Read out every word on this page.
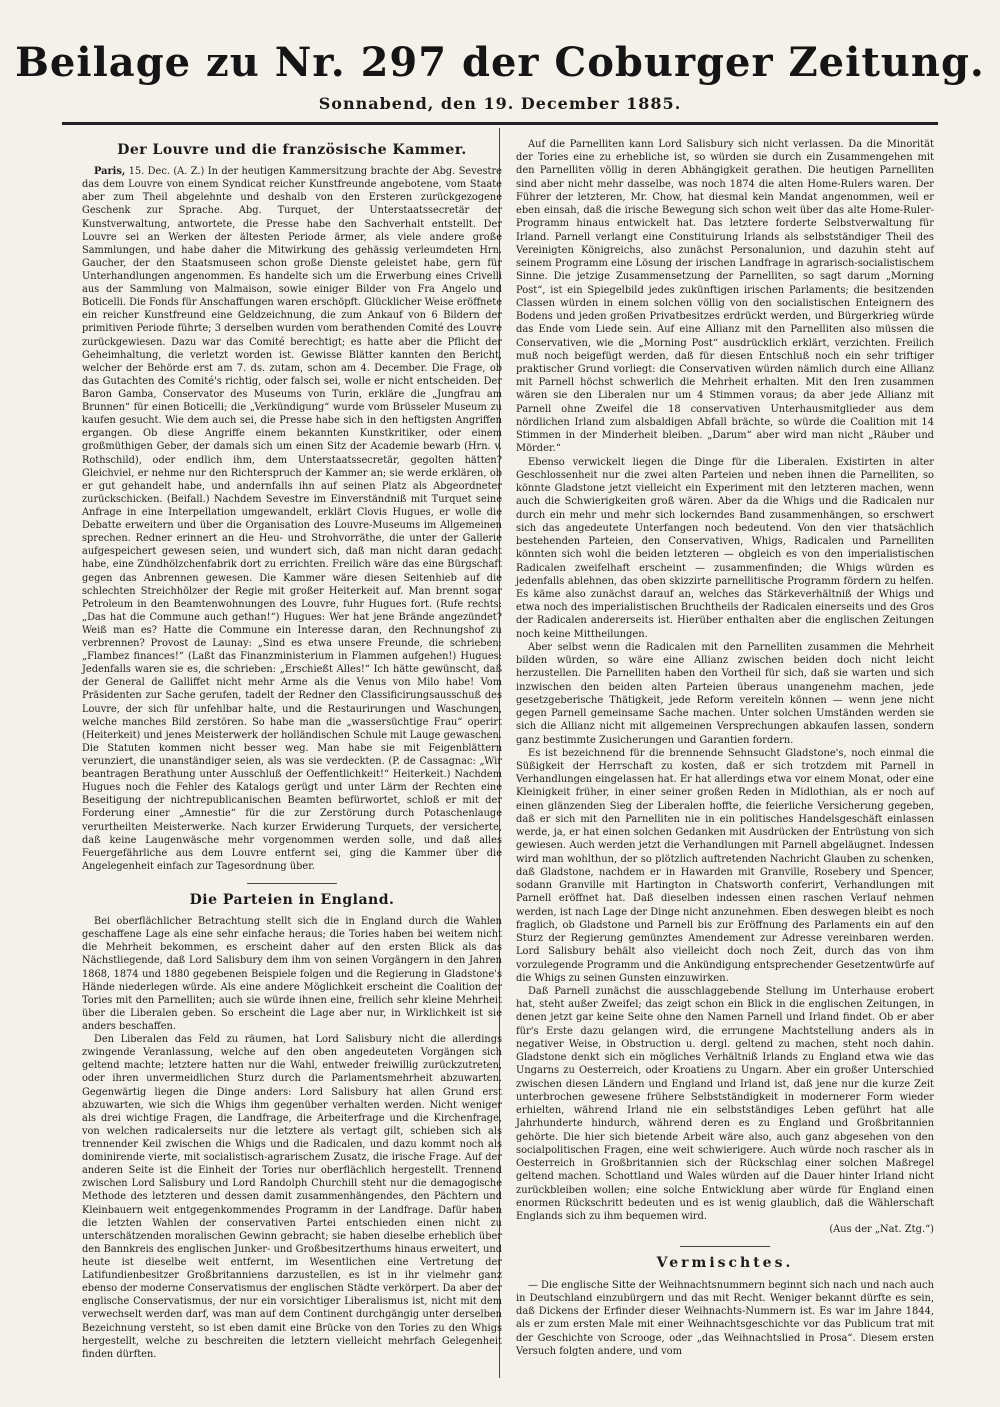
Beilage zu Nr. 297 der Coburger Zeitung.
Sonnabend, den 19. December 1885.
Der Louvre und die französische Kammer.

Paris, 15. Dec. (A. Z.) In der heutigen Kammersitzung brachte der Abg. Sevestre das dem Louvre von einem Syndicat reicher Kunstfreunde angebotene, vom Staate aber zum Theil abgelehnte und deshalb von den Ersteren zurückgezogene Geschenk zur Sprache. Abg. Turquet, der Unterstaatssecretär der Kunstverwaltung, antwortete, die Presse habe den Sachverhalt entstellt. Der Louvre sei an Werken der ältesten Periode ärmer, als viele andere große Sammlungen, und habe daher die Mitwirkung des gehässig verleumdeten Hrn. Gaucher, der den Staatsmuseen schon große Dienste geleistet habe, gern für Unterhandlungen angenommen. Es handelte sich um die Erwerbung eines Crivelli aus der Sammlung von Malmaison, sowie einiger Bilder von Fra Angelo und Boticelli. Die Fonds für Anschaffungen waren erschöpft. Glücklicher Weise eröffnete ein reicher Kunstfreund eine Geldzeichnung, die zum Ankauf von 6 Bildern der primitiven Periode führte; 3 derselben wurden vom berathenden Comité des Louvre zurückgewiesen. Dazu war das Comité berechtigt; es hatte aber die Pflicht der Geheimhaltung, die verletzt worden ist. Gewisse Blätter kannten den Bericht, welcher der Behörde erst am 7. ds. zutam, schon am 4. December. Die Frage, ob das Gutachten des Comité's richtig, oder falsch sei, wolle er nicht entscheiden. Der Baron Gamba, Conservator des Museums von Turin, erkläre die „Jungfrau am Brunnen“ für einen Boticelli; die „Verkündigung“ wurde vom Brüsseler Museum zu kaufen gesucht. Wie dem auch sei, die Presse habe sich in den heftigsten Angriffen ergangen. Ob diese Angriffe einem bekannten Kunstkritiker, oder einem großmüthigen Geber, der damals sich um einen Sitz der Academie bewarb (Hrn. v. Rothschild), oder endlich ihm, dem Unterstaatssecretär, gegolten hätten? Gleichviel, er nehme nur den Richterspruch der Kammer an; sie werde erklären, ob er gut gehandelt habe, und andernfalls ihn auf seinen Platz als Abgeordneter zurückschicken. (Beifall.) Nachdem Sevestre im Einverständniß mit Turquet seine Anfrage in eine Interpellation umgewandelt, erklärt Clovis Hugues, er wolle die Debatte erweitern und über die Organisation des Louvre-Museums im Allgemeinen sprechen. Redner erinnert an die Heu- und Strohvorräthe, die unter der Gallerie aufgespeichert gewesen seien, und wundert sich, daß man nicht daran gedacht habe, eine Zündhölzchenfabrik dort zu errichten. Freilich wäre das eine Bürgschaft gegen das Anbrennen gewesen. Die Kammer wäre diesen Seitenhieb auf die schlechten Streichhölzer der Regie mit großer Heiterkeit auf. Man brennt sogar Petroleum in den Beamtenwohnungen des Louvre, fuhr Hugues fort. (Rufe rechts: „Das hat die Commune auch gethan!“) Hugues: Wer hat jene Brände angezündet? Weiß man es? Hatte die Commune ein Interesse daran, den Rechnungshof zu verbrennen? Provost de Launay: „Sind es etwa unsere Freunde, die schrieben: „Flambez finances!“ (Laßt das Finanzministerium in Flammen aufgehen!) Hugues: Jedenfalls waren sie es, die schrieben: „Erschießt Alles!“ Ich hätte gewünscht, daß der General de Galliffet nicht mehr Arme als die Venus von Milo habe! Vom Präsidenten zur Sache gerufen, tadelt der Redner den Classificirungsausschuß des Louvre, der sich für unfehlbar halte, und die Restaurirungen und Waschungen, welche manches Bild zerstören. So habe man die „wassersüchtige Frau“ operirt (Heiterkeit) und jenes Meisterwerk der holländischen Schule mit Lauge gewaschen. Die Statuten kommen nicht besser weg. Man habe sie mit Feigenblättern verunziert, die unanständiger seien, als was sie verdeckten. (P. de Cassagnac: „Wir beantragen Berathung unter Ausschluß der Oeffentlichkeit!“ Heiterkeit.) Nachdem Hugues noch die Fehler des Katalogs gerügt und unter Lärm der Rechten eine Beseitigung der nichtrepublicanischen Beamten befürwortet, schloß er mit der Forderung einer „Amnestie“ für die zur Zerstörung durch Potaschenlauge verurtheilten Meisterwerke. Nach kurzer Erwiderung Turquets, der versicherte, daß keine Laugenwäsche mehr vorgenommen werden solle, und daß alles Feuergefährliche aus dem Louvre entfernt sei, ging die Kammer über die Angelegenheit einfach zur Tagesordnung über.

Die Parteien in England.

Bei oberflächlicher Betrachtung stellt sich die in England durch die Wahlen geschaffene Lage als eine sehr einfache heraus; die Tories haben bei weitem nicht die Mehrheit bekommen, es erscheint daher auf den ersten Blick als das Nächstliegende, daß Lord Salisbury dem ihm von seinen Vorgängern in den Jahren 1868, 1874 und 1880 gegebenen Beispiele folgen und die Regierung in Gladstone's Hände niederlegen würde. Als eine andere Möglichkeit erscheint die Coalition der Tories mit den Parnelliten; auch sie würde ihnen eine, freilich sehr kleine Mehrheit über die Liberalen geben. So erscheint die Lage aber nur, in Wirklichkeit ist sie anders beschaffen.

Den Liberalen das Feld zu räumen, hat Lord Salisbury nicht die allerdings zwingende Veranlassung, welche auf den oben angedeuteten Vorgängen sich geltend machte; letztere hatten nur die Wahl, entweder freiwillig zurückzutreten, oder ihren unvermeidlichen Sturz durch die Parlamentsmehrheit abzuwarten. Gegenwärtig liegen die Dinge anders: Lord Salisbury hat allen Grund erst abzuwarten, wie sich die Whigs ihm gegenüber verhalten werden. Nicht weniger als drei wichtige Fragen, die Landfrage, die Arbeiterfrage und die Kirchenfrage, von welchen radicalerseits nur die letztere als vertagt gilt, schieben sich als trennender Keil zwischen die Whigs und die Radicalen, und dazu kommt noch als dominirende vierte, mit socialistisch-agrarischem Zusatz, die irische Frage. Auf der anderen Seite ist die Einheit der Tories nur oberflächlich hergestellt. Trennend zwischen Lord Salisbury und Lord Randolph Churchill steht nur die demagogische Methode des letzteren und dessen damit zusammenhängendes, den Pächtern und Kleinbauern weit entgegenkommendes Programm in der Landfrage. Dafür haben die letzten Wahlen der conservativen Partei entschieden einen nicht zu unterschätzenden moralischen Gewinn gebracht; sie haben dieselbe erheblich über den Bannkreis des englischen Junker- und Großbesitzerthums hinaus erweitert, und heute ist dieselbe weit entfernt, im Wesentlichen eine Vertretung der Latifundienbesitzer Großbritanniens darzustellen, es ist in ihr vielmehr ganz ebenso der moderne Conservatismus der englischen Städte verkörpert. Da aber der englische Conservatismus, der nur ein vorsichtiger Liberalismus ist, nicht mit dem verwechselt werden darf, was man auf dem Continent durchgängig unter derselben Bezeichnung versteht, so ist eben damit eine Brücke von den Tories zu den Whigs hergestellt, welche zu beschreiten die letztern vielleicht mehrfach Gelegenheit finden dürften.

Auf die Parnelliten kann Lord Salisbury sich nicht verlassen. Da die Minorität der Tories eine zu erhebliche ist, so würden sie durch ein Zusammengehen mit den Parnelliten völlig in deren Abhängigkeit gerathen. Die heutigen Parnelliten sind aber nicht mehr dasselbe, was noch 1874 die alten Home-Rulers waren. Der Führer der letzteren, Mr. Chow, hat diesmal kein Mandat angenommen, weil er eben einsah, daß die irische Bewegung sich schon weit über das alte Home-Ruler-Programm hinaus entwickelt hat. Das letztere forderte Selbstverwaltung für Irland. Parnell verlangt eine Constituirung Irlands als selbstständiger Theil des Vereinigten Königreichs, also zunächst Personalunion, und dazuhin steht auf seinem Programm eine Lösung der irischen Landfrage in agrarisch-socialistischem Sinne. Die jetzige Zusammensetzung der Parnelliten, so sagt darum „Morning Post“, ist ein Spiegelbild jedes zukünftigen irischen Parlaments; die besitzenden Classen würden in einem solchen völlig von den socialistischen Enteignern des Bodens und jeden großen Privatbesitzes erdrückt werden, und Bürgerkrieg würde das Ende vom Liede sein. Auf eine Allianz mit den Parnelliten also müssen die Conservativen, wie die „Morning Post“ ausdrücklich erklärt, verzichten. Freilich muß noch beigefügt werden, daß für diesen Entschluß noch ein sehr triftiger praktischer Grund vorliegt: die Conservativen würden nämlich durch eine Allianz mit Parnell höchst schwerlich die Mehrheit erhalten. Mit den Iren zusammen wären sie den Liberalen nur um 4 Stimmen voraus; da aber jede Allianz mit Parnell ohne Zweifel die 18 conservativen Unterhausmitglieder aus dem nördlichen Irland zum alsbaldigen Abfall brächte, so würde die Coalition mit 14 Stimmen in der Minderheit bleiben. „Darum“ aber wird man nicht „Räuber und Mörder.“

Ebenso verwickelt liegen die Dinge für die Liberalen. Existirten in alter Geschlossenheit nur die zwei alten Parteien und neben ihnen die Parnelliten, so könnte Gladstone jetzt vielleicht ein Experiment mit den letzteren machen, wenn auch die Schwierigkeiten groß wären. Aber da die Whigs und die Radicalen nur durch ein mehr und mehr sich lockerndes Band zusammenhängen, so erschwert sich das angedeutete Unterfangen noch bedeutend. Von den vier thatsächlich bestehenden Parteien, den Conservativen, Whigs, Radicalen und Parnelliten könnten sich wohl die beiden letzteren — obgleich es von den imperialistischen Radicalen zweifelhaft erscheint — zusammenfinden; die Whigs würden es jedenfalls ablehnen, das oben skizzirte parnellitische Programm fördern zu helfen. Es käme also zunächst darauf an, welches das Stärkeverhältniß der Whigs und etwa noch des imperialistischen Bruchtheils der Radicalen einerseits und des Gros der Radicalen andererseits ist. Hierüber enthalten aber die englischen Zeitungen noch keine Mittheilungen.

Aber selbst wenn die Radicalen mit den Parnelliten zusammen die Mehrheit bilden würden, so wäre eine Allianz zwischen beiden doch nicht leicht herzustellen. Die Parnelliten haben den Vortheil für sich, daß sie warten und sich inzwischen den beiden alten Parteien überaus unangenehm machen, jede gesetzgeberische Thätigkeit, jede Reform vereiteln können — wenn jene nicht gegen Parnell gemeinsame Sache machen. Unter solchen Umständen werden sie sich die Allianz nicht mit allgemeinen Versprechungen abkaufen lassen, sondern ganz bestimmte Zusicherungen und Garantien fordern.

Es ist bezeichnend für die brennende Sehnsucht Gladstone's, noch einmal die Süßigkeit der Herrschaft zu kosten, daß er sich trotzdem mit Parnell in Verhandlungen eingelassen hat. Er hat allerdings etwa vor einem Monat, oder eine Kleinigkeit früher, in einer seiner großen Reden in Midlothian, als er noch auf einen glänzenden Sieg der Liberalen hoffte, die feierliche Versicherung gegeben, daß er sich mit den Parnelliten nie in ein politisches Handelsgeschäft einlassen werde, ja, er hat einen solchen Gedanken mit Ausdrücken der Entrüstung von sich gewiesen. Auch werden jetzt die Verhandlungen mit Parnell abgeläugnet. Indessen wird man wohlthun, der so plötzlich auftretenden Nachricht Glauben zu schenken, daß Gladstone, nachdem er in Hawarden mit Granville, Rosebery und Spencer, sodann Granville mit Hartington in Chatsworth conferirt, Verhandlungen mit Parnell eröffnet hat. Daß dieselben indessen einen raschen Verlauf nehmen werden, ist nach Lage der Dinge nicht anzunehmen. Eben deswegen bleibt es noch fraglich, ob Gladstone und Parnell bis zur Eröffnung des Parlaments ein auf den Sturz der Regierung gemünztes Amendement zur Adresse vereinbaren werden. Lord Salisbury behält also vielleicht doch noch Zeit, durch das von ihm vorzulegende Programm und die Ankündigung entsprechender Gesetzentwürfe auf die Whigs zu seinen Gunsten einzuwirken.

Daß Parnell zunächst die ausschlaggebende Stellung im Unterhause erobert hat, steht außer Zweifel; das zeigt schon ein Blick in die englischen Zeitungen, in denen jetzt gar keine Seite ohne den Namen Parnell und Irland findet. Ob er aber für's Erste dazu gelangen wird, die errungene Machtstellung anders als in negativer Weise, in Obstruction u. dergl. geltend zu machen, steht noch dahin. Gladstone denkt sich ein mögliches Verhältniß Irlands zu England etwa wie das Ungarns zu Oesterreich, oder Kroatiens zu Ungarn. Aber ein großer Unterschied zwischen diesen Ländern und England und Irland ist, daß jene nur die kurze Zeit unterbrochen gewesene frühere Selbstständigkeit in modernerer Form wieder erhielten, während Irland nie ein selbstständiges Leben geführt hat alle Jahrhunderte hindurch, während deren es zu England und Großbritannien gehörte. Die hier sich bietende Arbeit wäre also, auch ganz abgesehen von den socialpolitischen Fragen, eine weit schwierigere. Auch würde noch rascher als in Oesterreich in Großbritannien sich der Rückschlag einer solchen Maßregel geltend machen. Schottland und Wales würden auf die Dauer hinter Irland nicht zurückbleiben wollen; eine solche Entwicklung aber würde für England einen enormen Rückschritt bedeuten und es ist wenig glaublich, daß die Wählerschaft Englands sich zu ihm bequemen wird.

(Aus der „Nat. Ztg.“)

Vermischtes.

— Die englische Sitte der Weihnachtsnummern beginnt sich nach und nach auch in Deutschland einzubürgern und das mit Recht. Weniger bekannt dürfte es sein, daß Dickens der Erfinder dieser Weihnachts-Nummern ist. Es war im Jahre 1844, als er zum ersten Male mit einer Weihnachtsgeschichte vor das Publicum trat mit der Geschichte von Scrooge, oder „das Weihnachtslied in Prosa“. Diesem ersten Versuch folgten andere, und vom
